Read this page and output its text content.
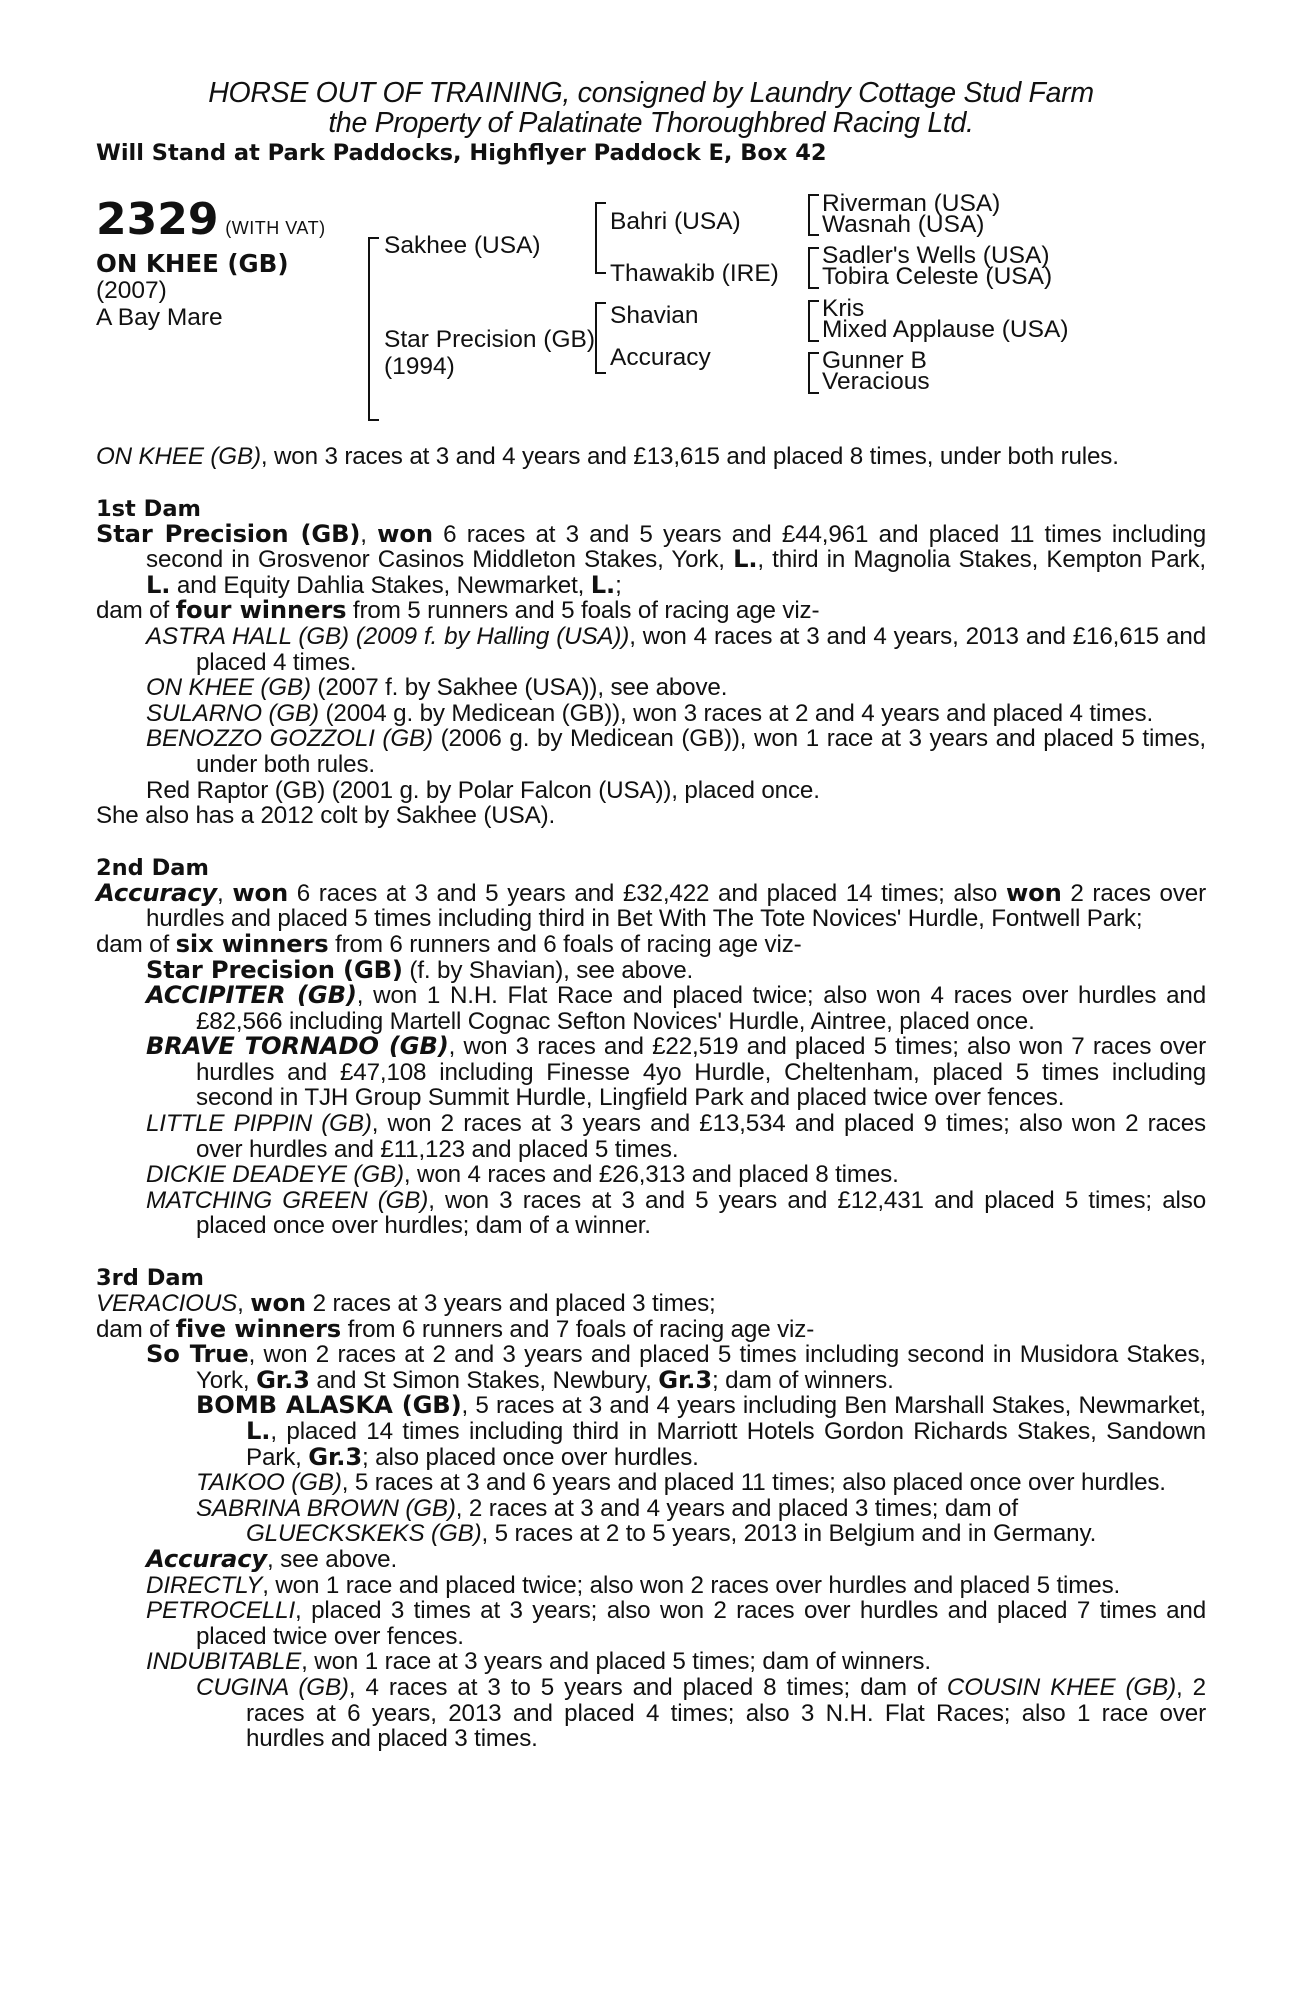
HORSE OUT OF TRAINING, consigned by Laundry Cottage Stud Farm
the Property of Palatinate Thoroughbred Racing Ltd.
Will Stand at Park Paddocks, Highflyer Paddock E, Box 42
2329 (WITH VAT)
ON KHEE (GB)
(2007)
A Bay Mare
Sakhee (USA)
Star Precision (GB)
(1994)
Bahri (USA)
Thawakib (IRE)
Shavian
Accuracy
Riverman (USA)
Wasnah (USA)
Sadler's Wells (USA)
Tobira Celeste (USA)
Kris
Mixed Applause (USA)
Gunner B
Veracious
ON KHEE (GB), won 3 races at 3 and 4 years and £13,615 and placed 8 times, under both rules.
1st Dam
Star Precision (GB), won 6 races at 3 and 5 years and £44,961 and placed 11 times including second in Grosvenor Casinos Middleton Stakes, York, L., third in Magnolia Stakes, Kempton Park, L. and Equity Dahlia Stakes, Newmarket, L.;
dam of four winners from 5 runners and 5 foals of racing age viz-
ASTRA HALL (GB) (2009 f. by Halling (USA)), won 4 races at 3 and 4 years, 2013 and £16,615 and placed 4 times.
ON KHEE (GB) (2007 f. by Sakhee (USA)), see above.
SULARNO (GB) (2004 g. by Medicean (GB)), won 3 races at 2 and 4 years and placed 4 times.
BENOZZO GOZZOLI (GB) (2006 g. by Medicean (GB)), won 1 race at 3 years and placed 5 times, under both rules.
Red Raptor (GB) (2001 g. by Polar Falcon (USA)), placed once.
She also has a 2012 colt by Sakhee (USA).
2nd Dam
Accuracy, won 6 races at 3 and 5 years and £32,422 and placed 14 times; also won 2 races over hurdles and placed 5 times including third in Bet With The Tote Novices' Hurdle, Fontwell Park;
dam of six winners from 6 runners and 6 foals of racing age viz-
Star Precision (GB) (f. by Shavian), see above.
ACCIPITER (GB), won 1 N.H. Flat Race and placed twice; also won 4 races over hurdles and £82,566 including Martell Cognac Sefton Novices' Hurdle, Aintree, placed once.
BRAVE TORNADO (GB), won 3 races and £22,519 and placed 5 times; also won 7 races over hurdles and £47,108 including Finesse 4yo Hurdle, Cheltenham, placed 5 times including second in TJH Group Summit Hurdle, Lingfield Park and placed twice over fences.
LITTLE PIPPIN (GB), won 2 races at 3 years and £13,534 and placed 9 times; also won 2 races over hurdles and £11,123 and placed 5 times.
DICKIE DEADEYE (GB), won 4 races and £26,313 and placed 8 times.
MATCHING GREEN (GB), won 3 races at 3 and 5 years and £12,431 and placed 5 times; also placed once over hurdles; dam of a winner.
3rd Dam
VERACIOUS, won 2 races at 3 years and placed 3 times;
dam of five winners from 6 runners and 7 foals of racing age viz-
So True, won 2 races at 2 and 3 years and placed 5 times including second in Musidora Stakes, York, Gr.3 and St Simon Stakes, Newbury, Gr.3; dam of winners.
BOMB ALASKA (GB), 5 races at 3 and 4 years including Ben Marshall Stakes, Newmarket, L., placed 14 times including third in Marriott Hotels Gordon Richards Stakes, Sandown Park, Gr.3; also placed once over hurdles.
TAIKOO (GB), 5 races at 3 and 6 years and placed 11 times; also placed once over hurdles.
SABRINA BROWN (GB), 2 races at 3 and 4 years and placed 3 times; dam of
GLUECKSKEKS (GB), 5 races at 2 to 5 years, 2013 in Belgium and in Germany.
Accuracy, see above.
DIRECTLY, won 1 race and placed twice; also won 2 races over hurdles and placed 5 times.
PETROCELLI, placed 3 times at 3 years; also won 2 races over hurdles and placed 7 times and placed twice over fences.
INDUBITABLE, won 1 race at 3 years and placed 5 times; dam of winners.
CUGINA (GB), 4 races at 3 to 5 years and placed 8 times; dam of COUSIN KHEE (GB), 2 races at 6 years, 2013 and placed 4 times; also 3 N.H. Flat Races; also 1 race over hurdles and placed 3 times.
